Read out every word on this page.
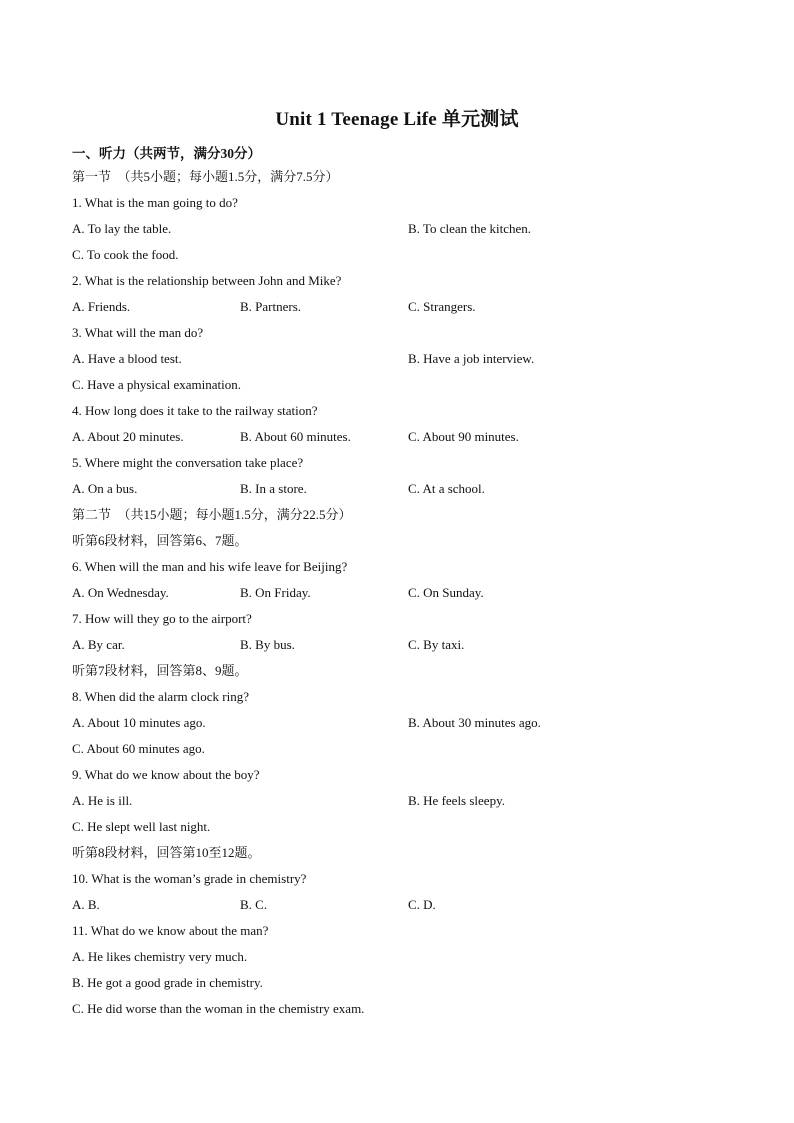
Unit 1 Teenage Life 单元测试
一、听力（共两节，满分30分）
第一节　（共5小题；每小题1.5分，满分7.5分）
1. What is the man going to do?
A. To lay the table.	B. To clean the kitchen.
C. To cook the food.
2. What is the relationship between John and Mike?
A. Friends.	B. Partners.	C. Strangers.
3. What will the man do?
A. Have a blood test.	B. Have a job interview.
C. Have a physical examination.
4. How long does it take to the railway station?
A. About 20 minutes.	B. About 60 minutes.	C. About 90 minutes.
5. Where might the conversation take place?
A. On a bus.	B. In a store.	C. At a school.
第二节　（共15小题；每小题1.5分，满分22.5分）
听第6段材料，回答第6、7题。
6. When will the man and his wife leave for Beijing?
A. On Wednesday.	B. On Friday.	C. On Sunday.
7. How will they go to the airport?
A. By car.	B. By bus.	C. By taxi.
听第7段材料，回答第8、9题。
8. When did the alarm clock ring?
A. About 10 minutes ago.	B. About 30 minutes ago.
C. About 60 minutes ago.
9. What do we know about the boy?
A. He is ill.	B. He feels sleepy.
C. He slept well last night.
听第8段材料，回答第10至12题。
10. What is the woman’s grade in chemistry?
A. B.	B. C.	C. D.
11. What do we know about the man?
A. He likes chemistry very much.
B. He got a good grade in chemistry.
C. He did worse than the woman in the chemistry exam.
